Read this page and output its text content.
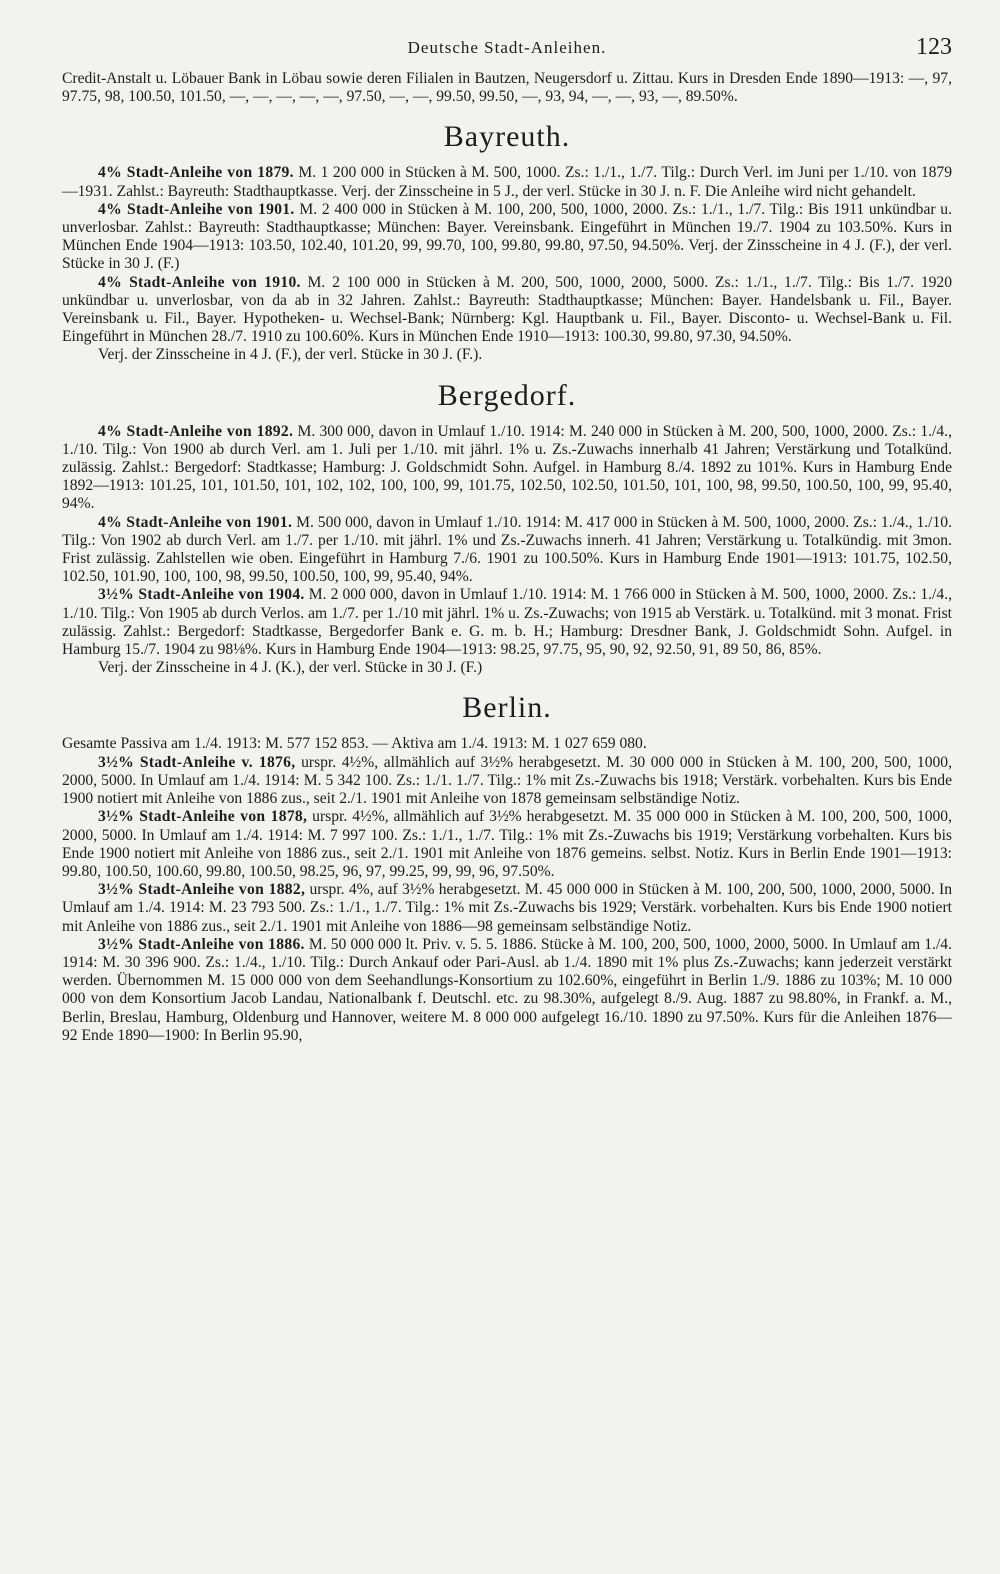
Deutsche Stadt-Anleihen.	123

Credit-Anstalt u. Löbauer Bank in Löbau sowie deren Filialen in Bautzen, Neugersdorf u. Zittau. Kurs in Dresden Ende 1890—1913: —, 97, 97.75, 98, 100.50, 101.50, —, —, —, —, —, 97.50, —, —, 99.50, 99.50, —, 93, 94, —, —, 93, —, 89.50%.

Bayreuth.

4% Stadt-Anleihe von 1879. M. 1 200 000 in Stücken à M. 500, 1000. Zs.: 1./1., 1./7. Tilg.: Durch Verl. im Juni per 1./10. von 1879—1931. Zahlst.: Bayreuth: Stadthauptkasse. Verj. der Zinsscheine in 5 J., der verl. Stücke in 30 J. n. F. Die Anleihe wird nicht gehandelt.

4% Stadt-Anleihe von 1901. M. 2 400 000 in Stücken à M. 100, 200, 500, 1000, 2000. Zs.: 1./1., 1./7. Tilg.: Bis 1911 unkündbar u. unverlosbar. Zahlst.: Bayreuth: Stadthauptkasse; München: Bayer. Vereinsbank. Eingeführt in München 19./7. 1904 zu 103.50%. Kurs in München Ende 1904—1913: 103.50, 102.40, 101.20, 99, 99.70, 100, 99.80, 99.80, 97.50, 94.50%. Verj. der Zinsscheine in 4 J. (F.), der verl. Stücke in 30 J. (F.)

4% Stadt-Anleihe von 1910. M. 2 100 000 in Stücken à M. 200, 500, 1000, 2000, 5000. Zs.: 1./1., 1./7. Tilg.: Bis 1./7. 1920 unkündbar u. unverlosbar, von da ab in 32 Jahren. Zahlst.: Bayreuth: Stadthauptkasse; München: Bayer. Handelsbank u. Fil., Bayer. Vereinsbank u. Fil., Bayer. Hypotheken- u. Wechsel-Bank; Nürnberg: Kgl. Hauptbank u. Fil., Bayer. Disconto- u. Wechsel-Bank u. Fil. Eingeführt in München 28./7. 1910 zu 100.60%. Kurs in München Ende 1910—1913: 100.30, 99.80, 97.30, 94.50%.

Verj. der Zinsscheine in 4 J. (F.), der verl. Stücke in 30 J. (F.).

Bergedorf.

4% Stadt-Anleihe von 1892. M. 300 000, davon in Umlauf 1./10. 1914: M. 240 000 in Stücken à M. 200, 500, 1000, 2000. Zs.: 1./4., 1./10. Tilg.: Von 1900 ab durch Verl. am 1. Juli per 1./10. mit jährl. 1% u. Zs.-Zuwachs innerhalb 41 Jahren; Verstärkung und Totalkünd. zulässig. Zahlst.: Bergedorf: Stadtkasse; Hamburg: J. Goldschmidt Sohn. Aufgel. in Hamburg 8./4. 1892 zu 101%. Kurs in Hamburg Ende 1892—1913: 101.25, 101, 101.50, 101, 102, 102, 100, 100, 99, 101.75, 102.50, 102.50, 101.50, 101, 100, 98, 99.50, 100.50, 100, 99, 95.40, 94%.

4% Stadt-Anleihe von 1901. M. 500 000, davon in Umlauf 1./10. 1914: M. 417 000 in Stücken à M. 500, 1000, 2000. Zs.: 1./4., 1./10. Tilg.: Von 1902 ab durch Verl. am 1./7. per 1./10. mit jährl. 1% und Zs.-Zuwachs innerh. 41 Jahren; Verstärkung u. Totalkündig. mit 3mon. Frist zulässig. Zahlstellen wie oben. Eingeführt in Hamburg 7./6. 1901 zu 100.50%. Kurs in Hamburg Ende 1901—1913: 101.75, 102.50, 102.50, 101.90, 100, 100, 98, 99.50, 100.50, 100, 99, 95.40, 94%.

3½% Stadt-Anleihe von 1904. M. 2 000 000, davon in Umlauf 1./10. 1914: M. 1 766 000 in Stücken à M. 500, 1000, 2000. Zs.: 1./4., 1./10. Tilg.: Von 1905 ab durch Verlos. am 1./7. per 1./10 mit jährl. 1% u. Zs.-Zuwachs; von 1915 ab Verstärk. u. Totalkünd. mit 3 monat. Frist zulässig. Zahlst.: Bergedorf: Stadtkasse, Bergedorfer Bank e. G. m. b. H.; Hamburg: Dresdner Bank, J. Goldschmidt Sohn. Aufgel. in Hamburg 15./7. 1904 zu 98⅛%. Kurs in Hamburg Ende 1904—1913: 98.25, 97.75, 95, 90, 92, 92.50, 91, 89 50, 86, 85%.

Verj. der Zinsscheine in 4 J. (K.), der verl. Stücke in 30 J. (F.)

Berlin.

Gesamte Passiva am 1./4. 1913: M. 577 152 853. — Aktiva am 1./4. 1913: M. 1 027 659 080.

3½% Stadt-Anleihe v. 1876, urspr. 4½%, allmählich auf 3½% herabgesetzt. M. 30 000 000 in Stücken à M. 100, 200, 500, 1000, 2000, 5000. In Umlauf am 1./4. 1914: M. 5 342 100. Zs.: 1./1. 1./7. Tilg.: 1% mit Zs.-Zuwachs bis 1918; Verstärk. vorbehalten. Kurs bis Ende 1900 notiert mit Anleihe von 1886 zus., seit 2./1. 1901 mit Anleihe von 1878 gemeinsam selbständige Notiz.

3½% Stadt-Anleihe von 1878, urspr. 4½%, allmählich auf 3½% herabgesetzt. M. 35 000 000 in Stücken à M. 100, 200, 500, 1000, 2000, 5000. In Umlauf am 1./4. 1914: M. 7 997 100. Zs.: 1./1., 1./7. Tilg.: 1% mit Zs.-Zuwachs bis 1919; Verstärkung vorbehalten. Kurs bis Ende 1900 notiert mit Anleihe von 1886 zus., seit 2./1. 1901 mit Anleihe von 1876 gemeins. selbst. Notiz. Kurs in Berlin Ende 1901—1913: 99.80, 100.50, 100.60, 99.80, 100.50, 98.25, 96, 97, 99.25, 99, 99, 96, 97.50%.

3½% Stadt-Anleihe von 1882, urspr. 4%, auf 3½% herabgesetzt. M. 45 000 000 in Stücken à M. 100, 200, 500, 1000, 2000, 5000. In Umlauf am 1./4. 1914: M. 23 793 500. Zs.: 1./1., 1./7. Tilg.: 1% mit Zs.-Zuwachs bis 1929; Verstärk. vorbehalten. Kurs bis Ende 1900 notiert mit Anleihe von 1886 zus., seit 2./1. 1901 mit Anleihe von 1886—98 gemeinsam selbständige Notiz.

3½% Stadt-Anleihe von 1886. M. 50 000 000 lt. Priv. v. 5. 5. 1886. Stücke à M. 100, 200, 500, 1000, 2000, 5000. In Umlauf am 1./4. 1914: M. 30 396 900. Zs.: 1./4., 1./10. Tilg.: Durch Ankauf oder Pari-Ausl. ab 1./4. 1890 mit 1% plus Zs.-Zuwachs; kann jederzeit verstärkt werden. Übernommen M. 15 000 000 von dem Seehandlungs-Konsortium zu 102.60%, eingeführt in Berlin 1./9. 1886 zu 103%; M. 10 000 000 von dem Konsortium Jacob Landau, Nationalbank f. Deutschl. etc. zu 98.30%, aufgelegt 8./9. Aug. 1887 zu 98.80%, in Frankf. a. M., Berlin, Breslau, Hamburg, Oldenburg und Hannover, weitere M. 8 000 000 aufgelegt 16./10. 1890 zu 97.50%. Kurs für die Anleihen 1876—92 Ende 1890—1900: In Berlin 95.90,
